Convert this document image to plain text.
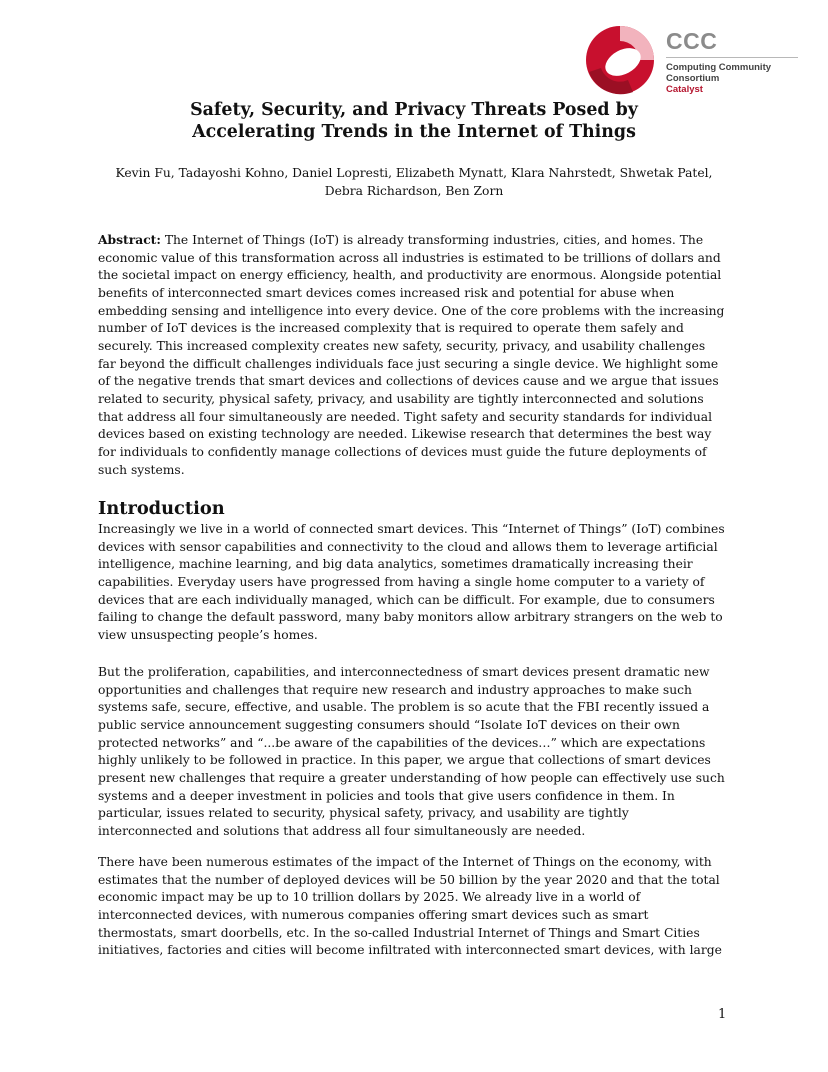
CCC
Computing Community Consortium
Catalyst
Safety, Security, and Privacy Threats Posed by
Accelerating Trends in the Internet of Things
Kevin Fu, Tadayoshi Kohno, Daniel Lopresti, Elizabeth Mynatt, Klara Nahrstedt, Shwetak Patel,
Debra Richardson, Ben Zorn
Abstract: The Internet of Things (IoT) is already transforming industries, cities, and homes. The
economic value of this transformation across all industries is estimated to be trillions of dollars and
the societal impact on energy efficiency, health, and productivity are enormous. Alongside potential
benefits of interconnected smart devices comes increased risk and potential for abuse when
embedding sensing and intelligence into every device. One of the core problems with the increasing
number of IoT devices is the increased complexity that is required to operate them safely and
securely. This increased complexity creates new safety, security, privacy, and usability challenges
far beyond the difficult challenges individuals face just securing a single device. We highlight some
of the negative trends that smart devices and collections of devices cause and we argue that issues
related to security, physical safety, privacy, and usability are tightly interconnected and solutions
that address all four simultaneously are needed. Tight safety and security standards for individual
devices based on existing technology are needed. Likewise research that determines the best way
for individuals to confidently manage collections of devices must guide the future deployments of
such systems.
Introduction
Increasingly we live in a world of connected smart devices. This “Internet of Things” (IoT) combines
devices with sensor capabilities and connectivity to the cloud and allows them to leverage artificial
intelligence, machine learning, and big data analytics, sometimes dramatically increasing their
capabilities. Everyday users have progressed from having a single home computer to a variety of
devices that are each individually managed, which can be difficult. For example, due to consumers
failing to change the default password, many baby monitors allow arbitrary strangers on the web to
view unsuspecting people’s homes.
But the proliferation, capabilities, and interconnectedness of smart devices present dramatic new
opportunities and challenges that require new research and industry approaches to make such
systems safe, secure, effective, and usable. The problem is so acute that the FBI recently issued a
public service announcement suggesting consumers should “Isolate IoT devices on their own
protected networks” and “...be aware of the capabilities of the devices…” which are expectations
highly unlikely to be followed in practice. In this paper, we argue that collections of smart devices
present new challenges that require a greater understanding of how people can effectively use such
systems and a deeper investment in policies and tools that give users confidence in them. In
particular, issues related to security, physical safety, privacy, and usability are tightly
interconnected and solutions that address all four simultaneously are needed.
There have been numerous estimates of the impact of the Internet of Things on the economy, with
estimates that the number of deployed devices will be 50 billion by the year 2020 and that the total
economic impact may be up to 10 trillion dollars by 2025. We already live in a world of
interconnected devices, with numerous companies offering smart devices such as smart
thermostats, smart doorbells, etc. In the so-called Industrial Internet of Things and Smart Cities
initiatives, factories and cities will become infiltrated with interconnected smart devices, with large
1
